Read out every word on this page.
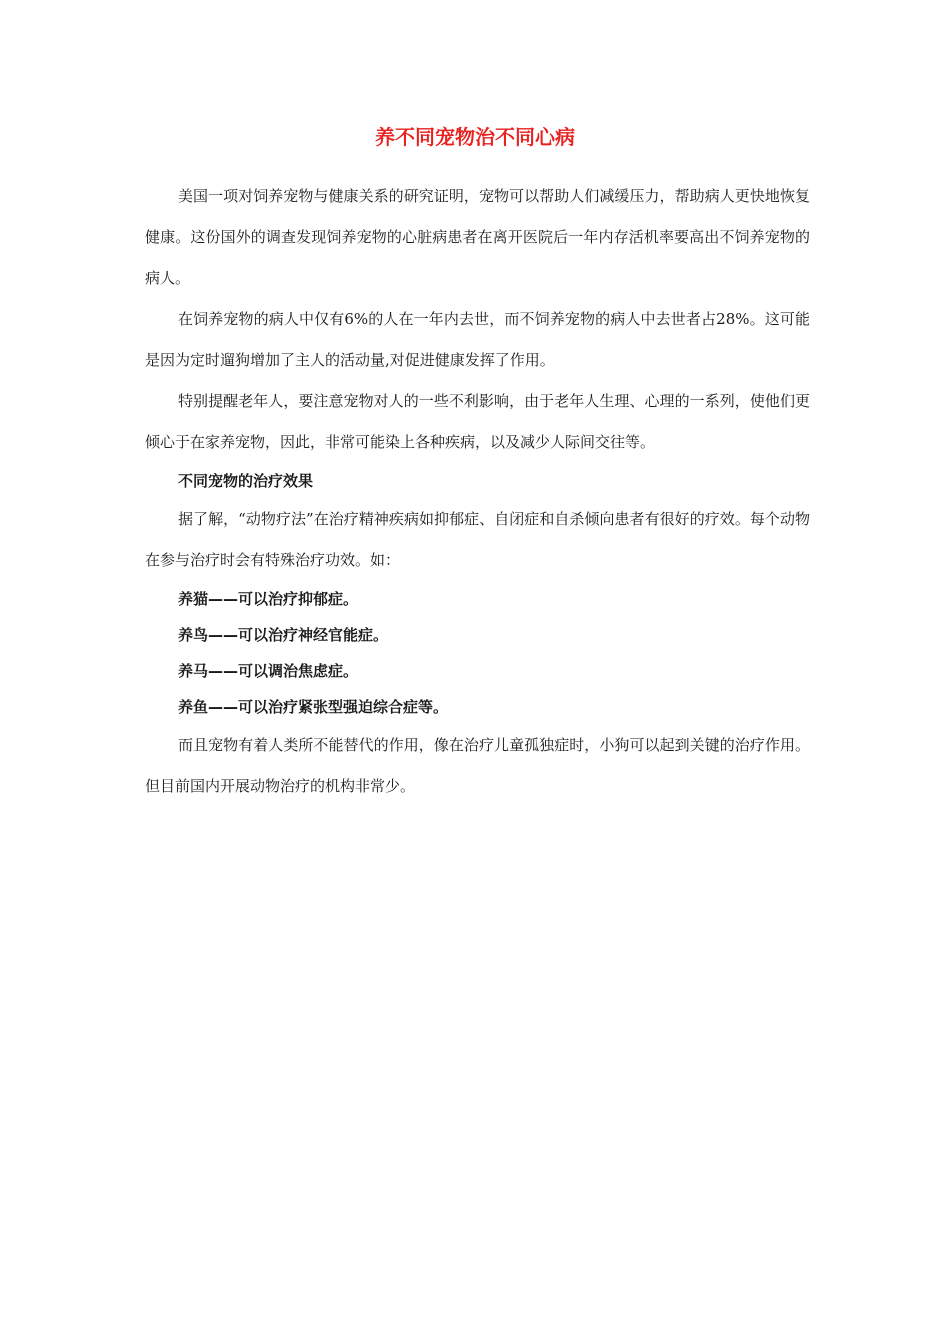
养不同宠物治不同心病

美国一项对饲养宠物与健康关系的研究证明，宠物可以帮助人们减缓压力，帮助病人更快地恢复健康。这份国外的调查发现饲养宠物的心脏病患者在离开医院后一年内存活机率要高出不饲养宠物的病人。

在饲养宠物的病人中仅有6%的人在一年内去世，而不饲养宠物的病人中去世者占28%。这可能是因为定时遛狗增加了主人的活动量,对促进健康发挥了作用。

特别提醒老年人，要注意宠物对人的一些不利影响，由于老年人生理、心理的一系列，使他们更倾心于在家养宠物，因此，非常可能染上各种疾病，以及减少人际间交往等。

不同宠物的治疗效果

据了解，“动物疗法”在治疗精神疾病如抑郁症、自闭症和自杀倾向患者有很好的疗效。每个动物在参与治疗时会有特殊治疗功效。如：

养猫——可以治疗抑郁症。

养鸟——可以治疗神经官能症。

养马——可以调治焦虑症。

养鱼——可以治疗紧张型强迫综合症等。

而且宠物有着人类所不能替代的作用，像在治疗儿童孤独症时，小狗可以起到关键的治疗作用。但目前国内开展动物治疗的机构非常少。
